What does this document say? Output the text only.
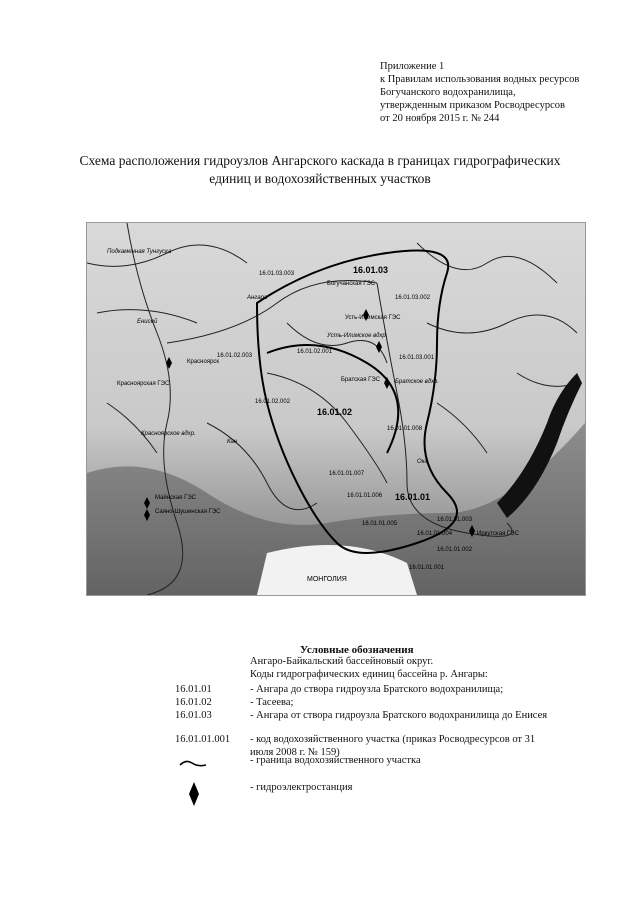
Приложение 1
к Правилам использования водных ресурсов
Богучанского водохранилища,
утвержденным приказом Росводресурсов
от 20 ноября 2015 г. № 244
Схема расположения гидроузлов Ангарского каскада в границах гидрографических
единиц и водохозяйственных участков
16.01.03.003	16.01.03
Богучанская ГЭС
16.01.03.002
Усть-Илимская ГЭС
16.01.03.001
16.01.02.003
16.01.02.001
Братская ГЭС
16.01.02
16.01.02.002
16.01.01.008
Красноярская ГЭС
Красноярск
16.01.01.007
16.01.01.006 16.01.01
Майнская ГЭС
Саяно-Шушенская ГЭС
16.01.01.005
16.01.01.004
16.01.01.003
Иркутская ГЭС
16.01.01.002
16.01.01.001
МОНГОЛИЯ
Ангара
Енисей
Усть-Илимское вдхр.
Братское вдхр.
Красноярское вдхр.
Кан
Ока
Подкаменная Тунгуска
Условные обозначения
Ангаро-Байкальский бассейновый округ.
Коды гидрографических единиц бассейна р. Ангары:
16.01.01	- Ангара до створа гидроузла Братского водохранилища;
16.01.02	- Тасеева;
16.01.03	- Ангара от створа гидроузла Братского водохранилища до Енисея
16.01.01.001 - код водохозяйственного участка (приказ Росводресурсов от 31 июля 2008 г. № 159)
- граница водохозяйственного участка
- гидроэлектростанция
